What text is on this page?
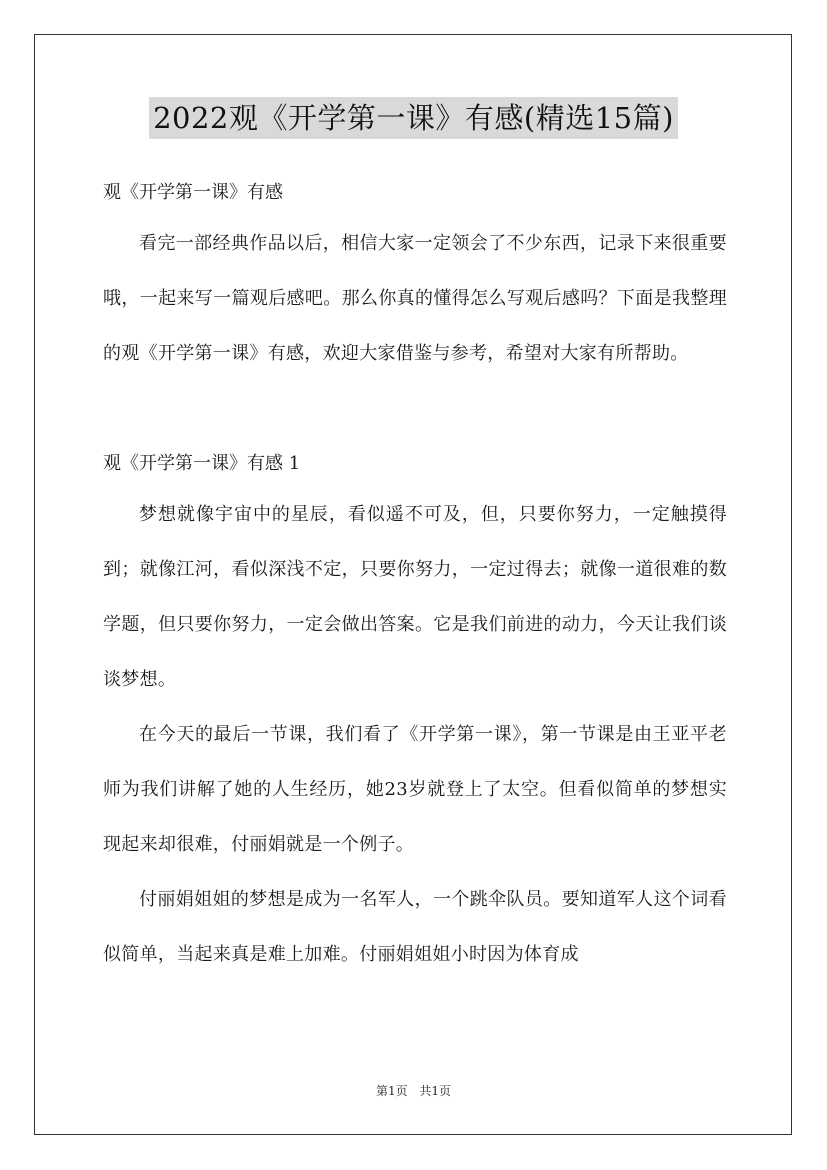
2022观《开学第一课》有感(精选15篇)

观《开学第一课》有感

看完一部经典作品以后，相信大家一定领会了不少东西，记录下来很重要哦，一起来写一篇观后感吧。那么你真的懂得怎么写观后感吗？下面是我整理的观《开学第一课》有感，欢迎大家借鉴与参考，希望对大家有所帮助。

观《开学第一课》有感 1

梦想就像宇宙中的星辰，看似遥不可及，但，只要你努力，一定触摸得到；就像江河，看似深浅不定，只要你努力，一定过得去；就像一道很难的数学题，但只要你努力，一定会做出答案。它是我们前进的动力，今天让我们谈谈梦想。

在今天的最后一节课，我们看了《开学第一课》，第一节课是由王亚平老师为我们讲解了她的人生经历，她23岁就登上了太空。但看似简单的梦想实现起来却很难，付丽娟就是一个例子。

付丽娟姐姐的梦想是成为一名军人，一个跳伞队员。要知道军人这个词看似简单，当起来真是难上加难。付丽娟姐姐小时因为体育成

第1页 共1页
